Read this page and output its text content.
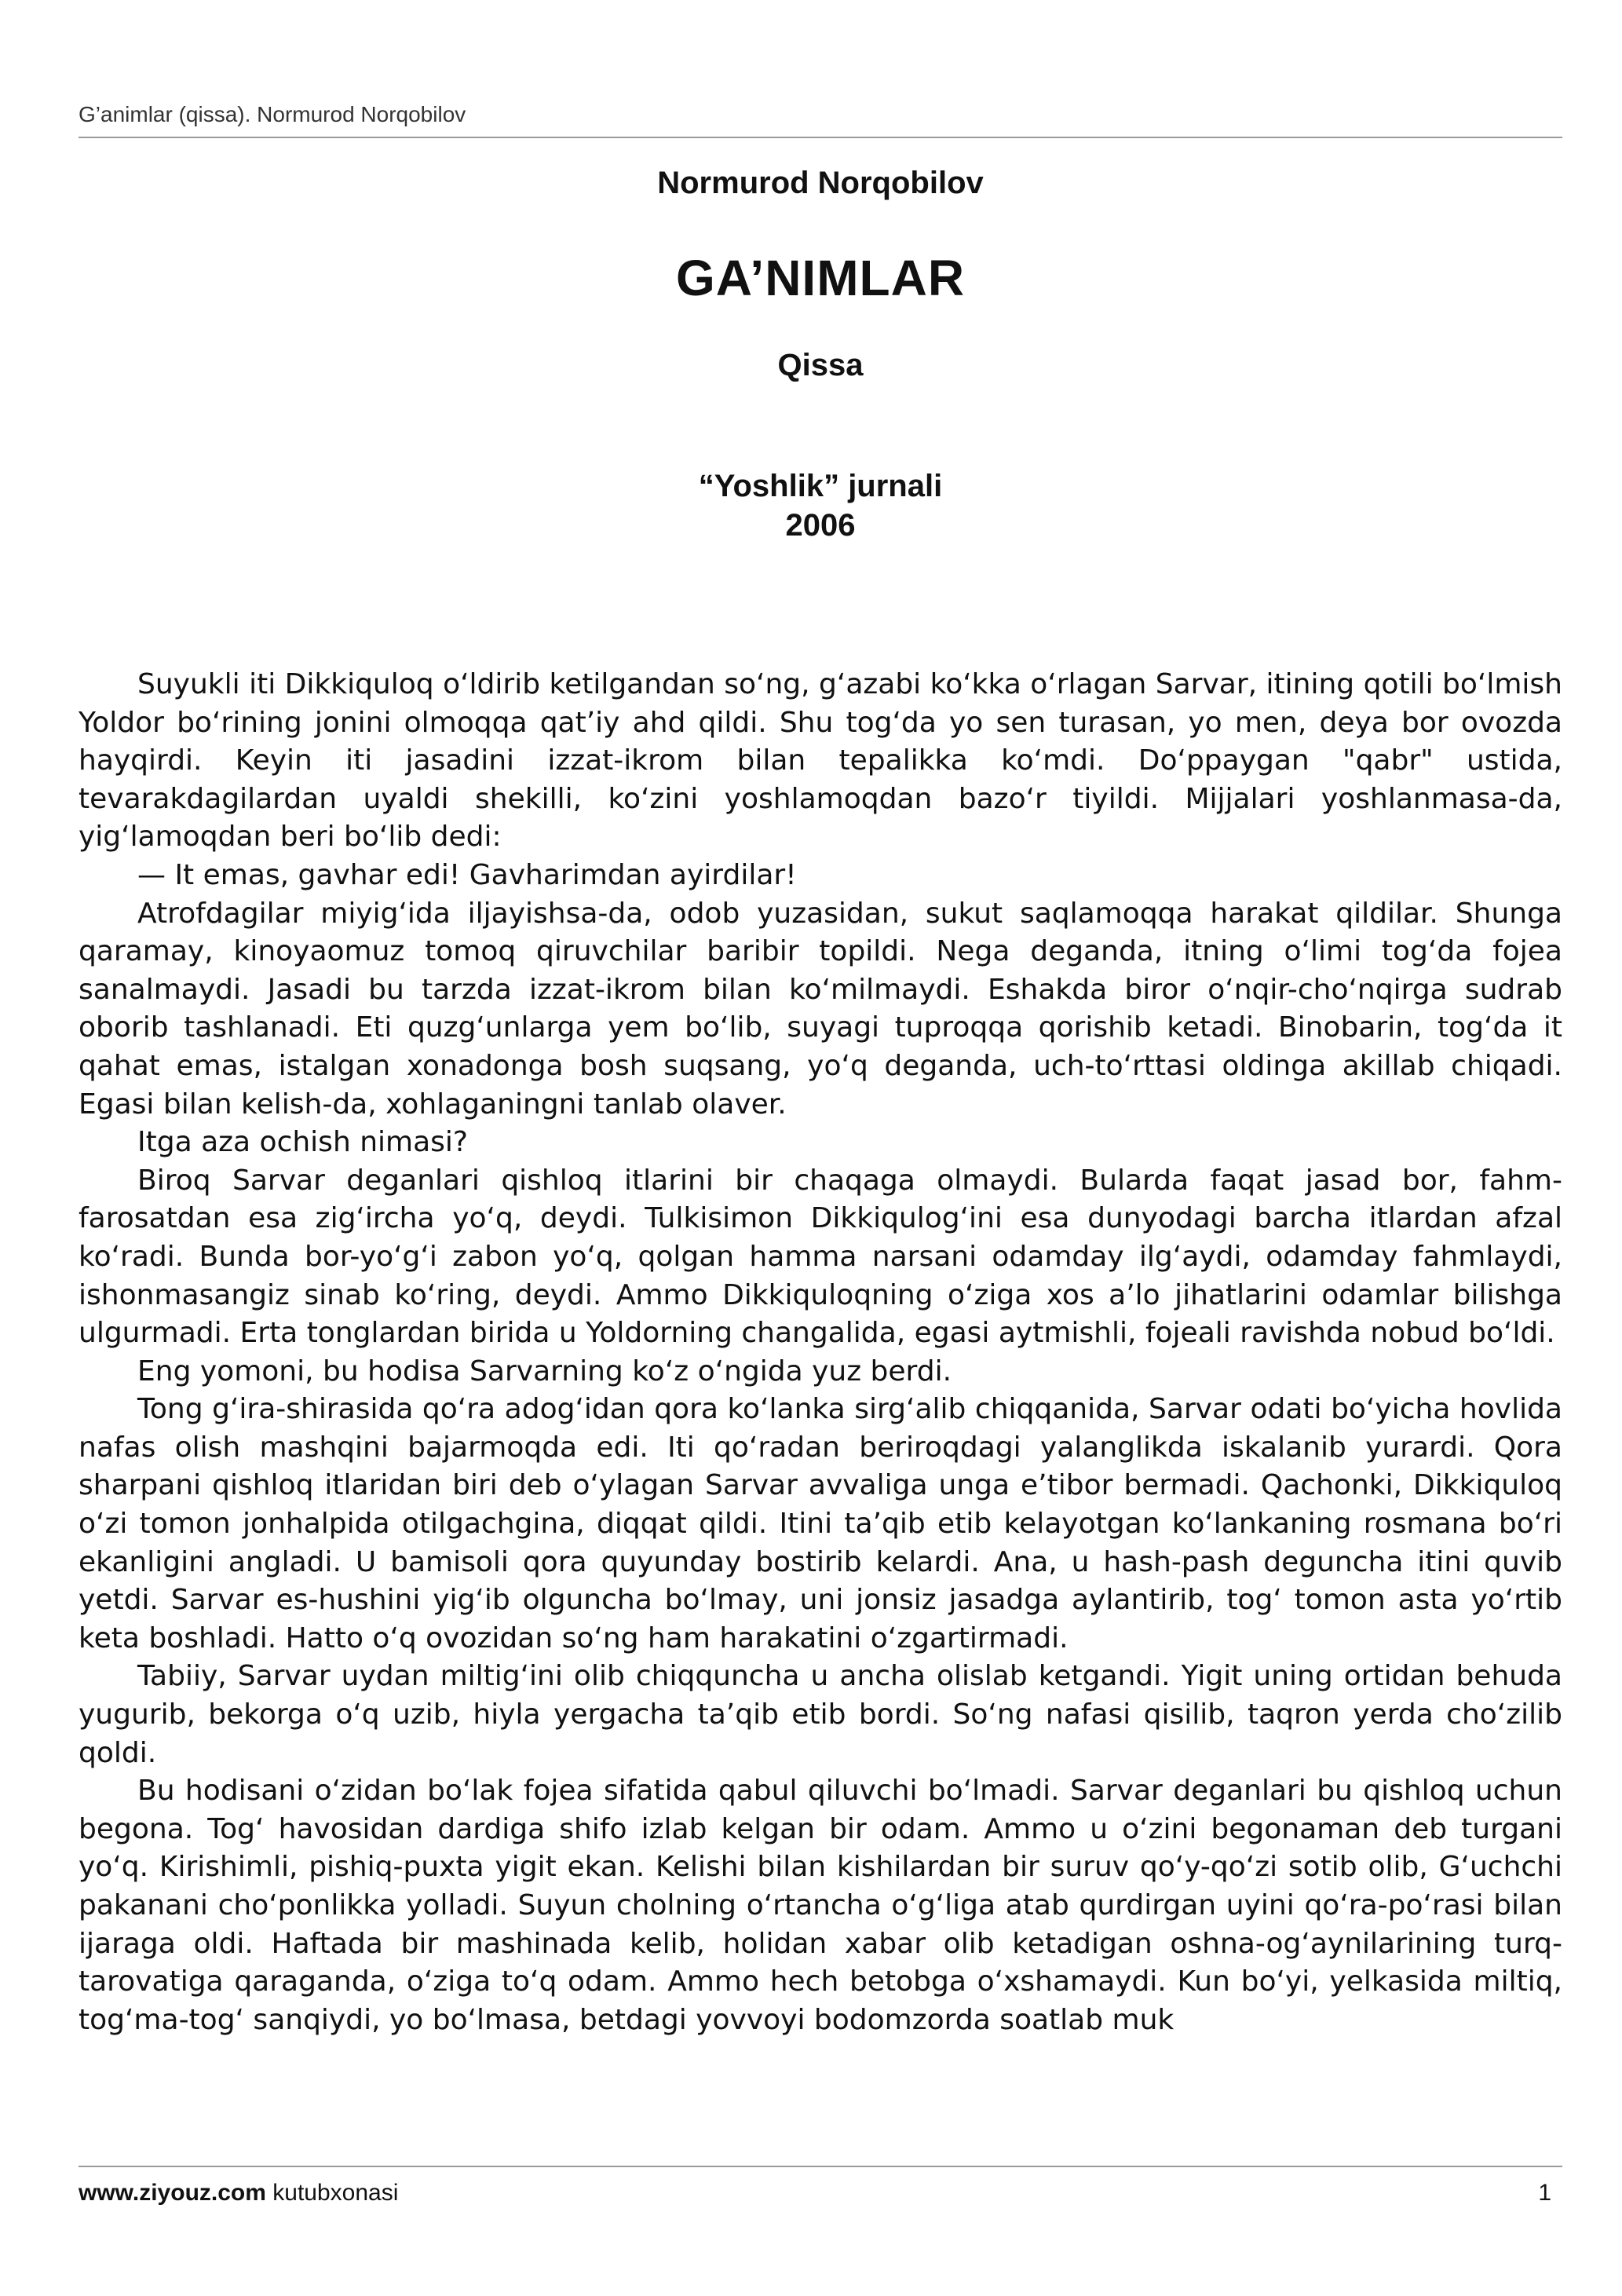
G’animlar (qissa). Normurod Norqobilov
Normurod Norqobilov
GA’NIMLAR
Qissa
“Yoshlik” jurnali
2006

Suyukli iti Dikkiquloq o‘ldirib ketilgandan so‘ng, g‘azabi ko‘kka o‘rlagan Sarvar, itining qotili bo‘lmish Yoldor bo‘rining jonini olmoqqa qat’iy ahd qildi. Shu tog‘da yo sen turasan, yo men, deya bor ovozda hayqirdi. Keyin iti jasadini izzat-ikrom bilan tepalikka ko‘mdi. Do‘ppaygan "qabr" ustida, tevarakdagilardan uyaldi shekilli, ko‘zini yoshlamoqdan bazo‘r tiyildi. Mijjalari yoshlanmasa-da, yig‘lamoqdan beri bo‘lib dedi:

— It emas, gavhar edi! Gavharimdan ayirdilar!

Atrofdagilar miyig‘ida iljayishsa-da, odob yuzasidan, sukut saqlamoqqa harakat qildilar. Shunga qaramay, kinoyaomuz tomoq qiruvchilar baribir topildi. Nega deganda, itning o‘limi tog‘da fojea sanalmaydi. Jasadi bu tarzda izzat-ikrom bilan ko‘milmaydi. Eshakda biror o‘nqir-cho‘nqirga sudrab oborib tashlanadi. Eti quzg‘unlarga yem bo‘lib, suyagi tuproqqa qorishib ketadi. Binobarin, tog‘da it qahat emas, istalgan xonadonga bosh suqsang, yo‘q deganda, uch-to‘rttasi oldinga akillab chiqadi. Egasi bilan kelish-da, xohlaganingni tanlab olaver.

Itga aza ochish nimasi?

Biroq Sarvar deganlari qishloq itlarini bir chaqaga olmaydi. Bularda faqat jasad bor, fahm-farosatdan esa zig‘ircha yo‘q, deydi. Tulkisimon Dikkiqulog‘ini esa dunyodagi barcha itlardan afzal ko‘radi. Bunda bor-yo‘g‘i zabon yo‘q, qolgan hamma narsani odamday ilg‘aydi, odamday fahmlaydi, ishonmasangiz sinab ko‘ring, deydi. Ammo Dikkiquloqning o‘ziga xos a’lo jihatlarini odamlar bilishga ulgurmadi. Erta tonglardan birida u Yoldorning changalida, egasi aytmishli, fojeali ravishda nobud bo‘ldi.

Eng yomoni, bu hodisa Sarvarning ko‘z o‘ngida yuz berdi.

Tong g‘ira-shirasida qo‘ra adog‘idan qora ko‘lanka sirg‘alib chiqqanida, Sarvar odati bo‘yicha hovlida nafas olish mashqini bajarmoqda edi. Iti qo‘radan beriroqdagi yalanglikda iskalanib yurardi. Qora sharpani qishloq itlaridan biri deb o‘ylagan Sarvar avvaliga unga e’tibor bermadi. Qachonki, Dikkiquloq o‘zi tomon jonhalpida otilgachgina, diqqat qildi. Itini ta’qib etib kelayotgan ko‘lankaning rosmana bo‘ri ekanligini angladi. U bamisoli qora quyunday bostirib kelardi. Ana, u hash-pash deguncha itini quvib yetdi. Sarvar es-hushini yig‘ib olguncha bo‘lmay, uni jonsiz jasadga aylantirib, tog‘ tomon asta yo‘rtib keta boshladi. Hatto o‘q ovozidan so‘ng ham harakatini o‘zgartirmadi.

Tabiiy, Sarvar uydan miltig‘ini olib chiqquncha u ancha olislab ketgandi. Yigit uning ortidan behuda yugurib, bekorga o‘q uzib, hiyla yergacha ta’qib etib bordi. So‘ng nafasi qisilib, taqron yerda cho‘zilib qoldi.

Bu hodisani o‘zidan bo‘lak fojea sifatida qabul qiluvchi bo‘lmadi. Sarvar deganlari bu qishloq uchun begona. Tog‘ havosidan dardiga shifo izlab kelgan bir odam. Ammo u o‘zini begonaman deb turgani yo‘q. Kirishimli, pishiq-puxta yigit ekan. Kelishi bilan kishilardan bir suruv qo‘y-qo‘zi sotib olib, G‘uchchi pakanani cho‘ponlikka yolladi. Suyun cholning o‘rtancha o‘g‘liga atab qurdirgan uyini qo‘ra-po‘rasi bilan ijaraga oldi. Haftada bir mashinada kelib, holidan xabar olib ketadigan oshna-og‘aynilarining turq-tarovatiga qaraganda, o‘ziga to‘q odam. Ammo hech betobga o‘xshamaydi. Kun bo‘yi, yelkasida miltiq, tog‘ma-tog‘ sanqiydi, yo bo‘lmasa, betdagi yovvoyi bodomzorda soatlab muk

www.ziyouz.com kutubxonasi	1
